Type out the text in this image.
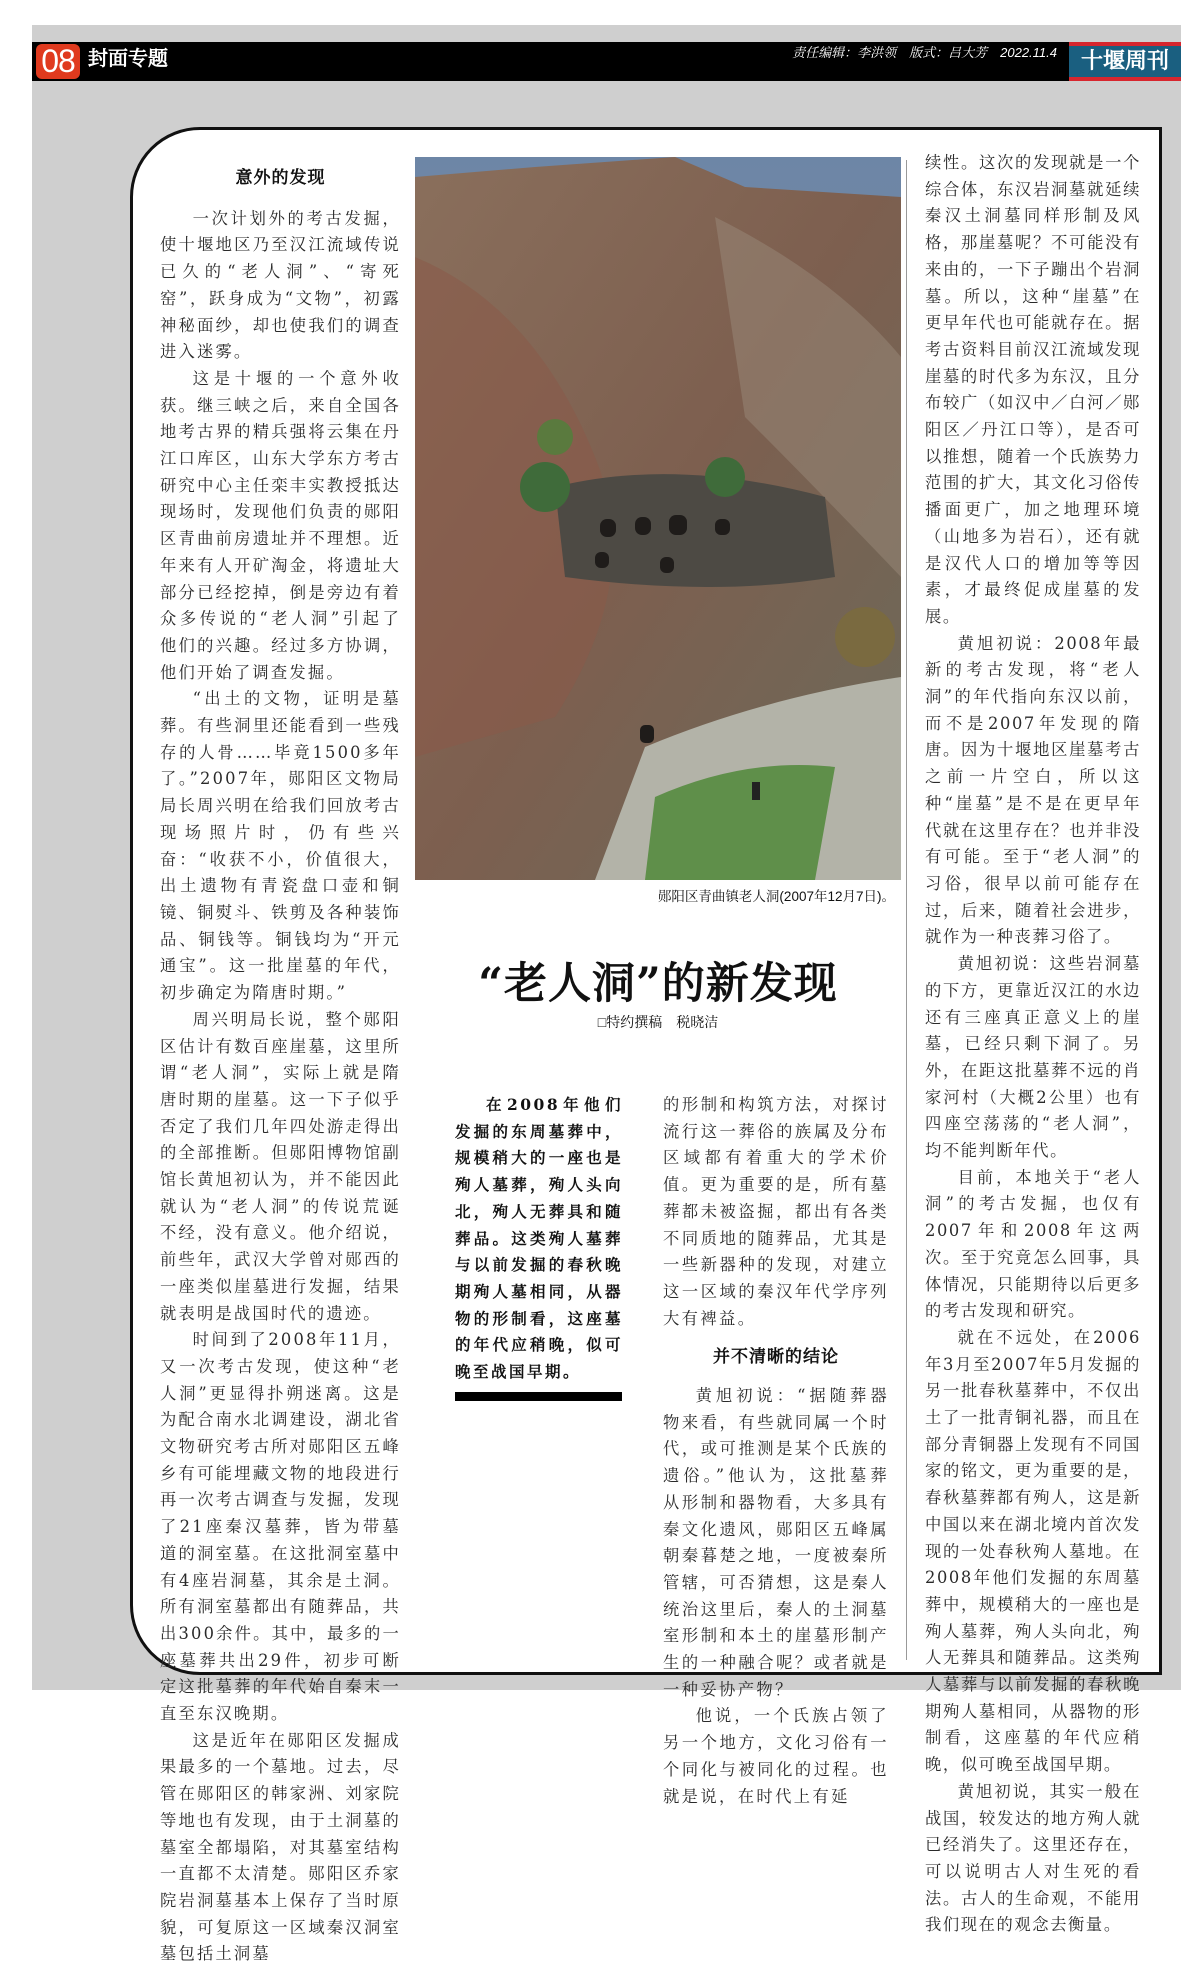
08 封面专题	责任编辑：李洪领　版式：吕大芳　2022.11.4	十堰周刊
意外的发现

一次计划外的考古发掘，使十堰地区乃至汉江流域传说已久的“老人洞”、“寄死窑”，跃身成为“文物”，初露神秘面纱，却也使我们的调查进入迷雾。

这是十堰的一个意外收获。继三峡之后，来自全国各地考古界的精兵强将云集在丹江口库区，山东大学东方考古研究中心主任栾丰实教授抵达现场时，发现他们负责的郧阳区青曲前房遗址并不理想。近年来有人开矿淘金，将遗址大部分已经挖掉，倒是旁边有着众多传说的“老人洞”引起了他们的兴趣。经过多方协调，他们开始了调查发掘。

“出土的文物，证明是墓葬。有些洞里还能看到一些残存的人骨……毕竟1500多年了。”2007年，郧阳区文物局局长周兴明在给我们回放考古现场照片时，仍有些兴奋：“收获不小，价值很大，出土遗物有青瓷盘口壶和铜镜、铜熨斗、铁剪及各种装饰品、铜钱等。铜钱均为“开元通宝”。这一批崖墓的年代，初步确定为隋唐时期。”

周兴明局长说，整个郧阳区估计有数百座崖墓，这里所谓“老人洞”，实际上就是隋唐时期的崖墓。这一下子似乎否定了我们几年四处游走得出的全部推断。但郧阳博物馆副馆长黄旭初认为，并不能因此就认为“老人洞”的传说荒诞不经，没有意义。他介绍说，前些年，武汉大学曾对郧西的一座类似崖墓进行发掘，结果就表明是战国时代的遗迹。

时间到了2008年11月，又一次考古发现，使这种“老人洞”更显得扑朔迷离。这是为配合南水北调建设，湖北省文物研究考古所对郧阳区五峰乡有可能埋藏文物的地段进行再一次考古调查与发掘，发现了21座秦汉墓葬，皆为带墓道的洞室墓。在这批洞室墓中有4座岩洞墓，其余是土洞。所有洞室墓都出有随葬品，共出300余件。其中，最多的一座墓葬共出29件，初步可断定这批墓葬的年代始自秦末一直至东汉晚期。

这是近年在郧阳区发掘成果最多的一个墓地。过去，尽管在郧阳区的韩家洲、刘家院等地也有发现，由于土洞墓的墓室全都塌陷，对其墓室结构一直都不太清楚。郧阳区乔家院岩洞墓基本上保存了当时原貌，可复原这一区域秦汉洞室墓包括土洞墓

郧阳区青曲镇老人洞(2007年12月7日)。
“老人洞”的新发现
□特约撰稿　税晓洁

在2008年他们发掘的东周墓葬中，规模稍大的一座也是殉人墓葬，殉人头向北，殉人无葬具和随葬品。这类殉人墓葬与以前发掘的春秋晚期殉人墓相同，从器物的形制看，这座墓的年代应稍晚，似可晚至战国早期。

的形制和构筑方法，对探讨流行这一葬俗的族属及分布区域都有着重大的学术价值。更为重要的是，所有墓葬都未被盗掘，都出有各类不同质地的随葬品，尤其是一些新器种的发现，对建立这一区域的秦汉年代学序列大有裨益。

并不清晰的结论

黄旭初说：“据随葬器物来看，有些就同属一个时代，或可推测是某个氏族的遗俗。”他认为，这批墓葬从形制和器物看，大多具有秦文化遗风，郧阳区五峰属朝秦暮楚之地，一度被秦所管辖，可否猜想，这是秦人统治这里后，秦人的土洞墓室形制和本土的崖墓形制产生的一种融合呢？或者就是一种妥协产物？

他说，一个氏族占领了另一个地方，文化习俗有一个同化与被同化的过程。也就是说，在时代上有延

续性。这次的发现就是一个综合体，东汉岩洞墓就延续秦汉土洞墓同样形制及风格，那崖墓呢？不可能没有来由的，一下子蹦出个岩洞墓。所以，这种“崖墓”在更早年代也可能就存在。据考古资料目前汉江流域发现崖墓的时代多为东汉，且分布较广（如汉中／白河／郧阳区／丹江口等），是否可以推想，随着一个氏族势力范围的扩大，其文化习俗传播面更广，加之地理环境（山地多为岩石），还有就是汉代人口的增加等等因素，才最终促成崖墓的发展。

黄旭初说：2008年最新的考古发现，将“老人洞”的年代指向东汉以前，而不是2007年发现的隋唐。因为十堰地区崖墓考古之前一片空白，所以这种“崖墓”是不是在更早年代就在这里存在？也并非没有可能。至于“老人洞”的习俗，很早以前可能存在过，后来，随着社会进步，就作为一种丧葬习俗了。

黄旭初说：这些岩洞墓的下方，更靠近汉江的水边还有三座真正意义上的崖墓，已经只剩下洞了。另外，在距这批墓葬不远的肖家河村（大概2公里）也有四座空荡荡的“老人洞”，均不能判断年代。

目前，本地关于“老人洞”的考古发掘，也仅有2007年和2008年这两次。至于究竟怎么回事，具体情况，只能期待以后更多的考古发现和研究。

就在不远处，在2006年3月至2007年5月发掘的另一批春秋墓葬中，不仅出土了一批青铜礼器，而且在部分青铜器上发现有不同国家的铭文，更为重要的是，春秋墓葬都有殉人，这是新中国以来在湖北境内首次发现的一处春秋殉人墓地。在2008年他们发掘的东周墓葬中，规模稍大的一座也是殉人墓葬，殉人头向北，殉人无葬具和随葬品。这类殉人墓葬与以前发掘的春秋晚期殉人墓相同，从器物的形制看，这座墓的年代应稍晚，似可晚至战国早期。

黄旭初说，其实一般在战国，较发达的地方殉人就已经消失了。这里还存在，可以说明古人对生死的看法。古人的生命观，不能用我们现在的观念去衡量。
